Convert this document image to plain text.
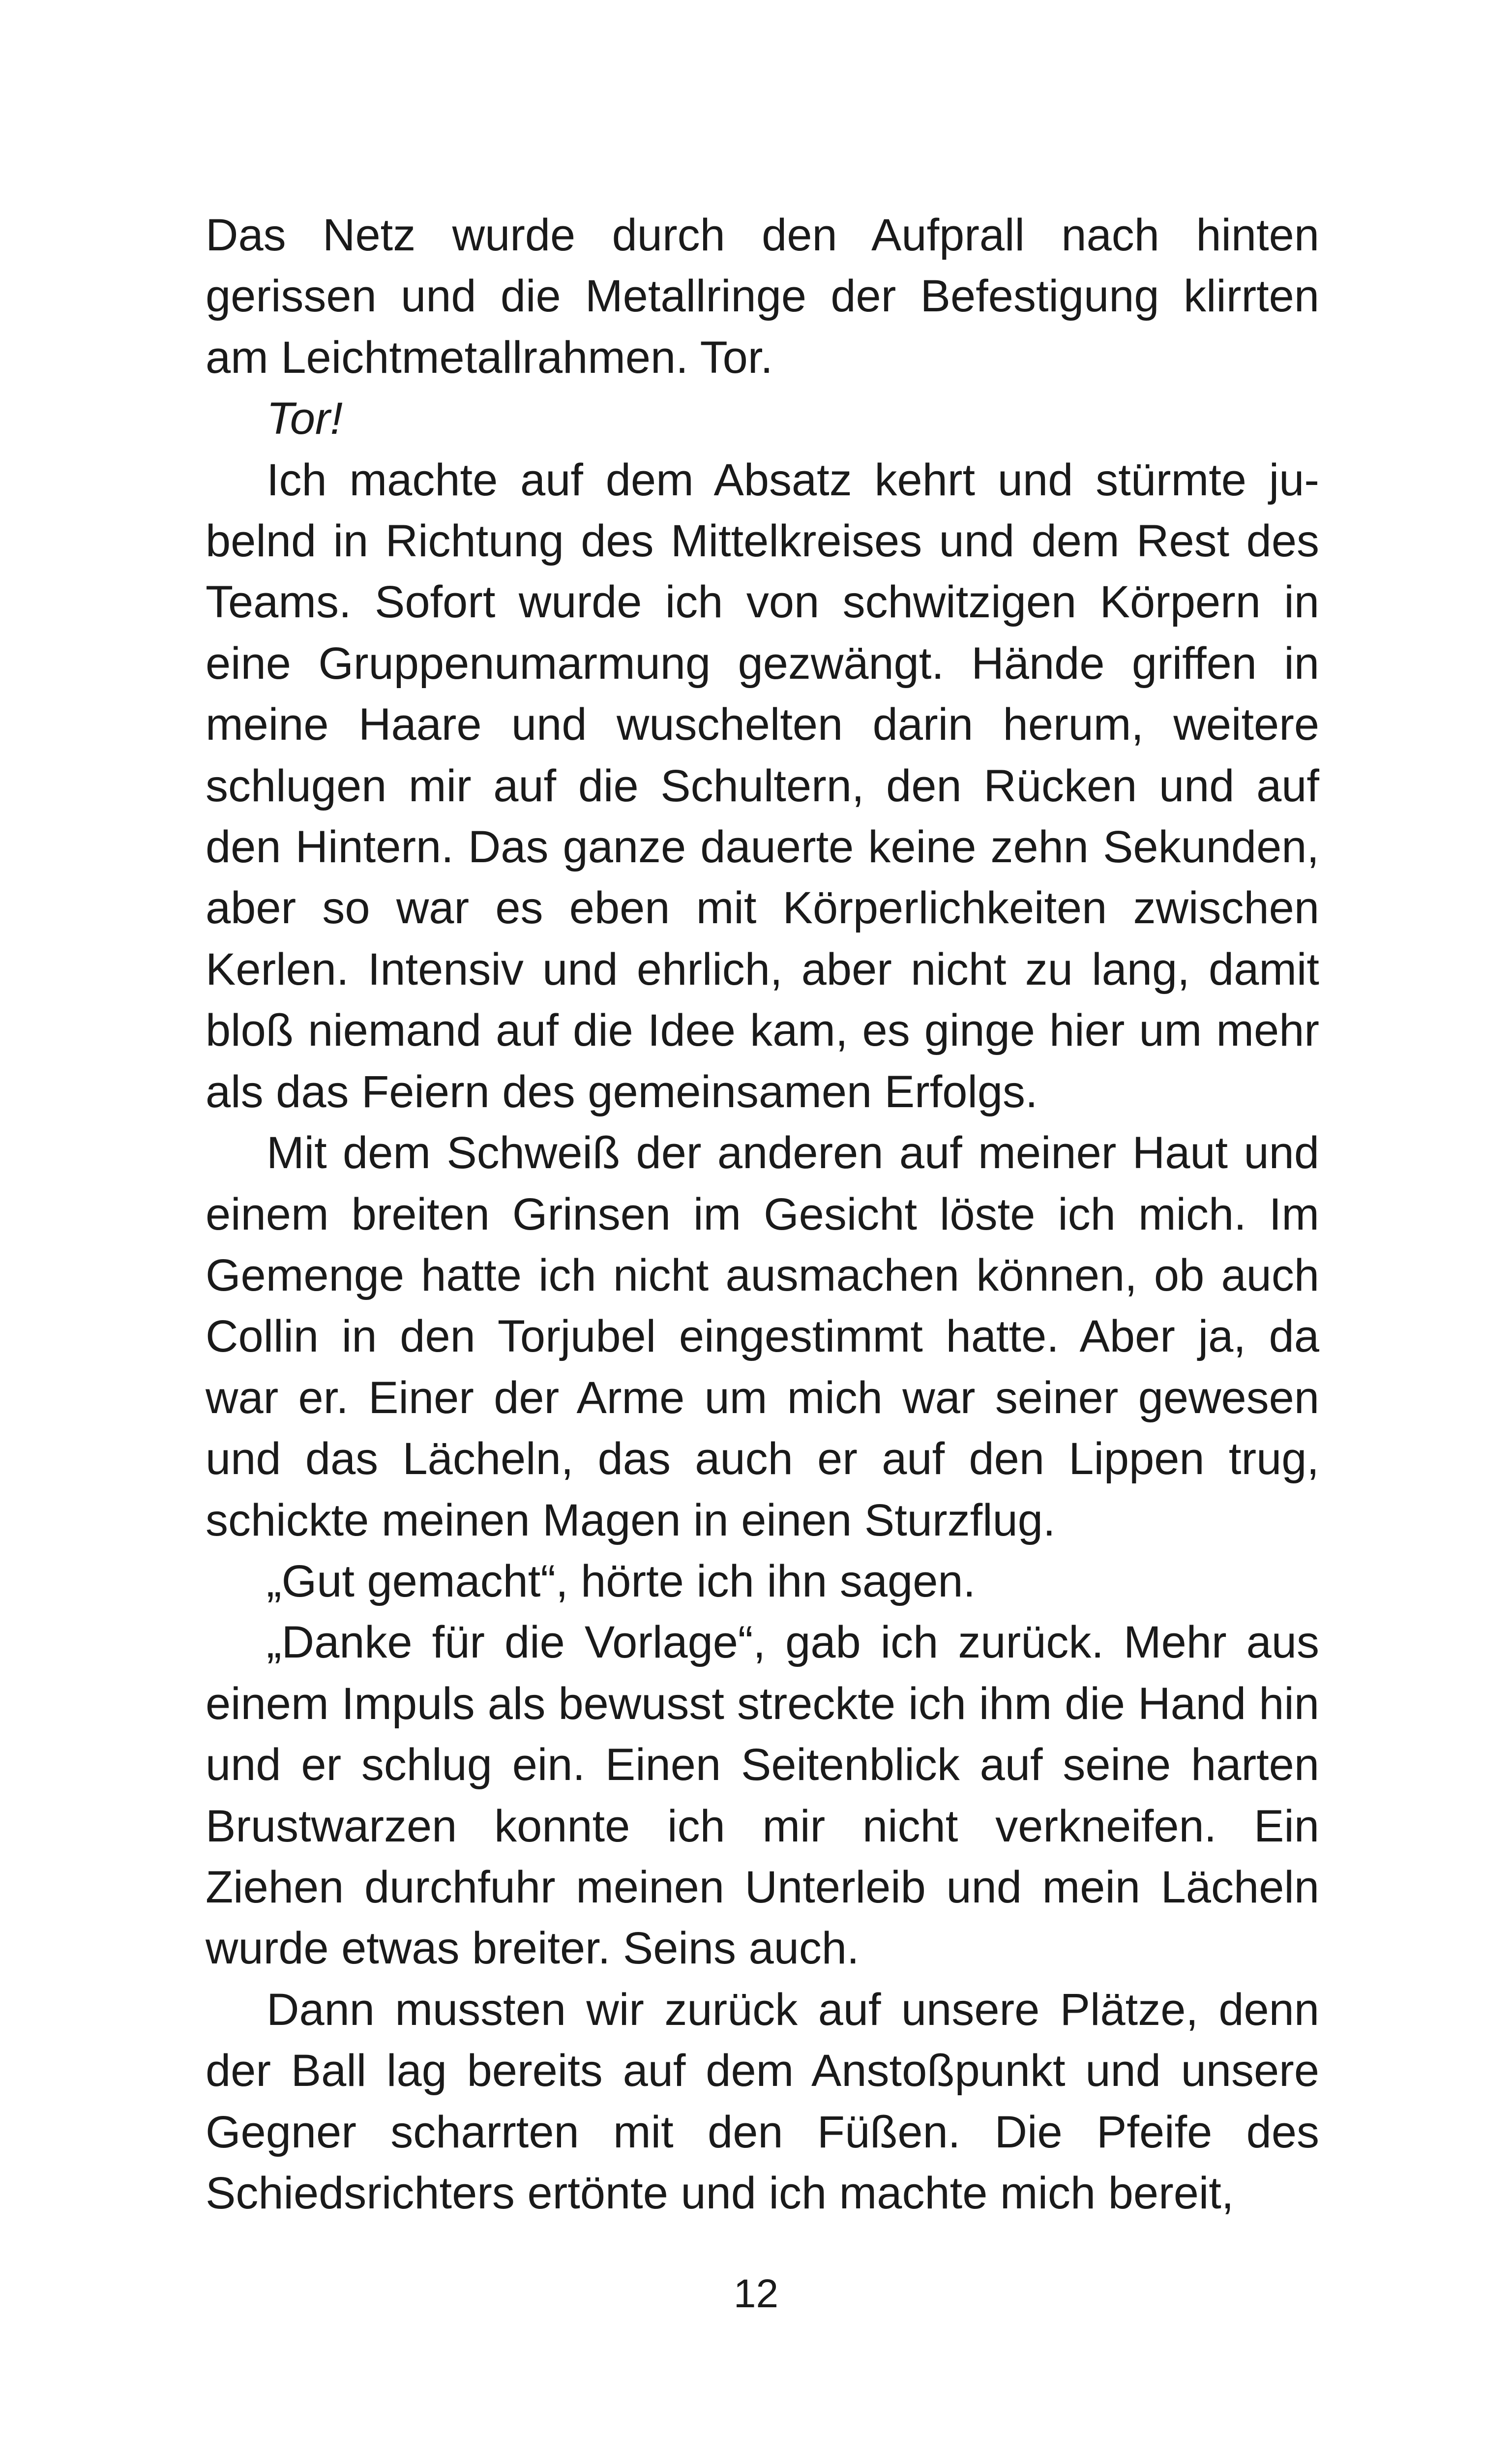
Das Netz wurde durch den Aufprall nach hinten gerissen und die Metallringe der Befestigung klirrten am Leichtmetallrahmen. Tor.

Tor!

Ich machte auf dem Absatz kehrt und stürmte jubelnd in Richtung des Mittelkreises und dem Rest des Teams. Sofort wurde ich von schwitzigen Körpern in eine Gruppenumarmung gezwängt. Hände griffen in meine Haare und wuschelten darin herum, weitere schlugen mir auf die Schultern, den Rücken und auf den Hintern. Das ganze dauerte keine zehn Sekunden, aber so war es eben mit Körperlichkeiten zwischen Kerlen. Intensiv und ehrlich, aber nicht zu lang, damit bloß niemand auf die Idee kam, es ginge hier um mehr als das Feiern des gemeinsamen Erfolgs.

Mit dem Schweiß der anderen auf meiner Haut und einem breiten Grinsen im Gesicht löste ich mich. Im Gemenge hatte ich nicht ausmachen können, ob auch Collin in den Torjubel eingestimmt hatte. Aber ja, da war er. Einer der Arme um mich war seiner gewesen und das Lächeln, das auch er auf den Lippen trug, schickte meinen Magen in einen Sturzflug.

„Gut gemacht“, hörte ich ihn sagen.

„Danke für die Vorlage“, gab ich zurück. Mehr aus einem Impuls als bewusst streckte ich ihm die Hand hin und er schlug ein. Einen Seitenblick auf seine harten Brustwarzen konnte ich mir nicht verkneifen. Ein Ziehen durchfuhr meinen Unterleib und mein Lächeln wurde etwas breiter. Seins auch.

Dann mussten wir zurück auf unsere Plätze, denn der Ball lag bereits auf dem Anstoßpunkt und unsere Gegner scharrten mit den Füßen. Die Pfeife des Schiedsrichters ertönte und ich machte mich bereit,

12
